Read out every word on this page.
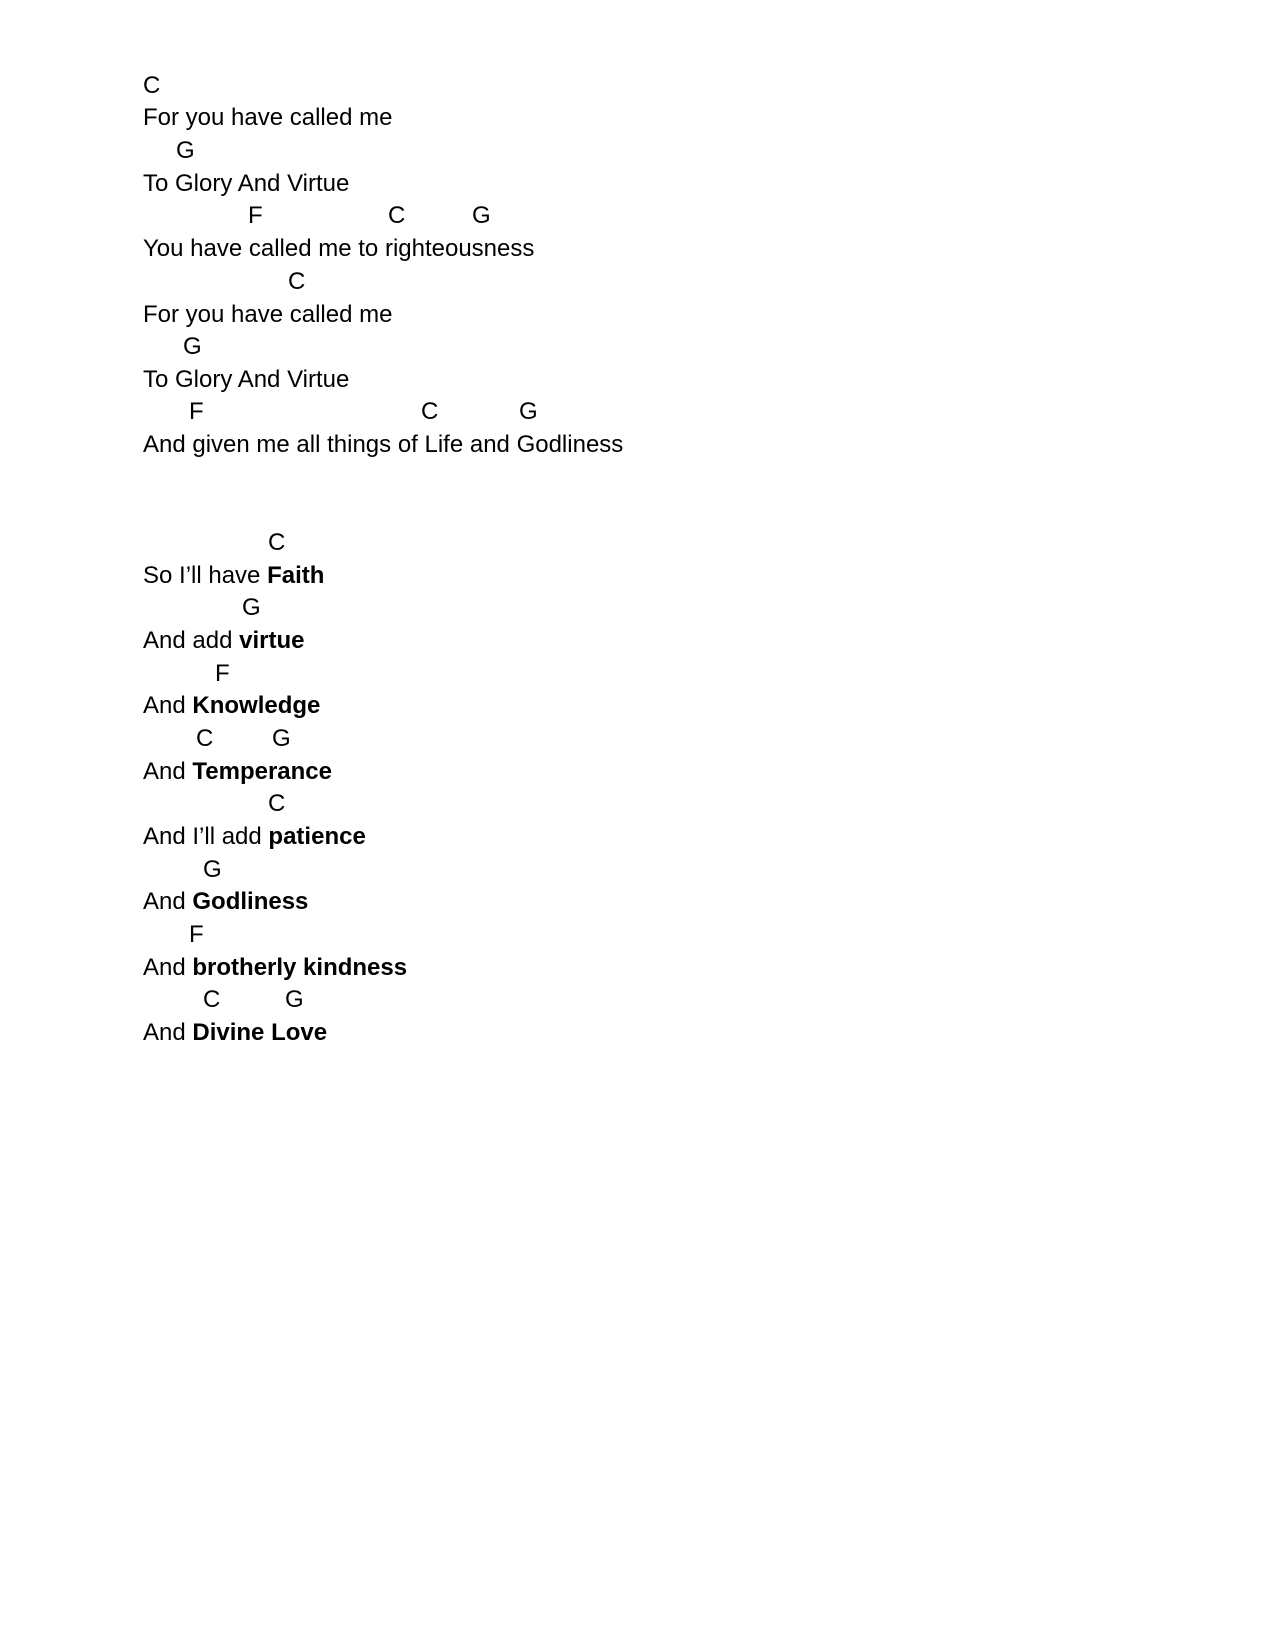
C
For you have called me
G
To Glory And Virtue
F	C	G
You have called me to righteousness
C
For you have called me
G
To Glory And Virtue
F	C	G
And given me all things of Life and Godliness
C
So I’ll have Faith
G
And add virtue
F
And Knowledge
C G
And Temperance
C
And I’ll add patience
G
And Godliness
F
And brotherly kindness
C	G
And Divine Love
